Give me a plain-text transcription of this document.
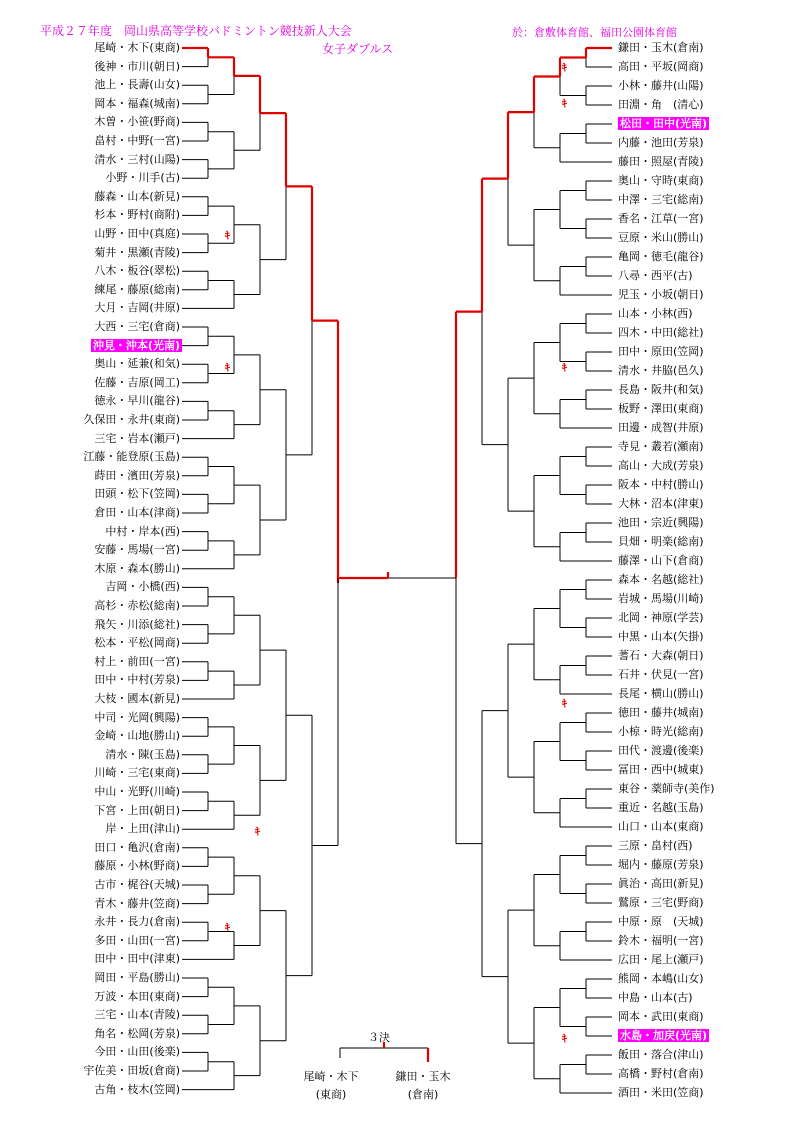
平成２７年度　岡山県高等学校バドミントン競技新人大会
女子ダブルス
於：倉敷体育館、福田公園体育館
尾崎・木下(東商)
後神・市川(朝日)
池上・長壽(山女)
岡本・福森(城南)
木曽・小笹(野商)
畠村・中野(一宮)
清水・三村(山陽)
小野・川手(古)
藤森・山本(新見)
杉本・野村(商附)
山野・田中(真庭)
菊井・黒瀬(青陵)
八木・板谷(翠松)
練尾・藤原(総南)
大月・吉岡(井原)
大西・三宅(倉商)
沖見・沖本(光南)
奥山・延兼(和気)
佐藤・吉原(岡工)
徳永・早川(龍谷)
久保田・永井(東商)
三宅・岩本(瀬戸)
江藤・能登原(玉島)
蒔田・濱田(芳泉)
田頭・松下(笠岡)
倉田・山本(津商)
中村・岸本(西)
安藤・馬場(一宮)
木原・森本(勝山)
吉岡・小橋(西)
高杉・赤松(総南)
飛矢・川添(総社)
松本・平松(岡商)
村上・前田(一宮)
田中・中村(芳泉)
大枝・國本(新見)
中司・光岡(興陽)
金崎・山地(勝山)
清水・陳(玉島)
川崎・三宅(東商)
中山・光野(川崎)
下宮・上田(朝日)
岸・上田(津山)
田口・亀沢(倉南)
藤原・小林(野商)
古市・梶谷(天城)
青木・藤井(笠商)
永井・長力(倉南)
多田・山田(一宮)
田中・田中(津東)
岡田・平島(勝山)
万波・本田(東商)
三宅・山本(青陵)
角名・松岡(芳泉)
今田・山田(後楽)
宇佐美・田坂(倉商)
古角・枝木(笠岡)
鎌田・玉木(倉南)
高田・平坂(岡商)
小林・藤井(山陽)
田淵・角　(清心)
松田・田中(光南)
内藤・池田(芳泉)
藤田・照屋(青陵)
奥山・守時(東商)
中澤・三宅(総南)
香名・江草(一宮)
豆原・米山(勝山)
亀岡・徳毛(龍谷)
八尋・西平(古)
児玉・小坂(朝日)
山本・小林(西)
四木・中田(総社)
田中・原田(笠岡)
清水・井脇(邑久)
長島・阪井(和気)
板野・澤田(東商)
田邊・成智(井原)
寺見・叢若(瀬南)
高山・大成(芳泉)
阪本・中村(勝山)
大林・沼本(津東)
池田・宗近(興陽)
貝畑・明楽(総南)
藤澤・山下(倉商)
森本・名越(総社)
岩城・馬場(川崎)
北岡・神原(学芸)
中黒・山本(矢掛)
蓍石・大森(朝日)
石井・伏見(一宮)
長尾・横山(勝山)
徳田・藤井(城南)
小椋・時光(総南)
田代・渡邊(後楽)
冨田・西中(城東)
東谷・薬師寺(美作)
重近・名越(玉島)
山口・山本(東商)
三原・畠村(西)
堀内・藤原(芳泉)
眞治・高田(新見)
鷲原・三宅(野商)
中原・原　(天城)
鈴木・福明(一宮)
広田・尾上(瀬戸)
熊岡・本嶋(山女)
中島・山本(古)
岡本・武田(東商)
水島・加戻(光南)
飯田・落合(津山)
高橋・野村(倉南)
酒田・米田(笠商)
ｷ
ｷ
ｷ
ｷ
ｷ
ｷ
ｷ
ｷ
ｷ
３決
尾崎・木下
(東商)
鎌田・玉木
(倉南)
